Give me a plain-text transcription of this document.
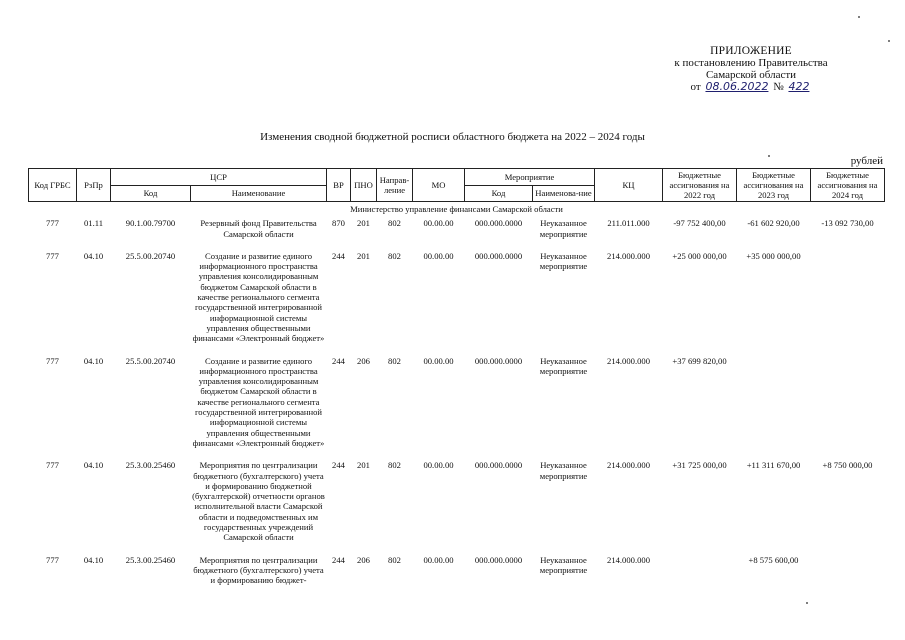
ПРИЛОЖЕНИЕ
к постановлению Правительства
Самарской области
от 08.06.2022 № 422
Изменения сводной бюджетной росписи областного бюджета на 2022 – 2024 годы
рублей
Код ГРБС	РзПр	ЦСР		ВР	ПНО	Направ-ление	МО	Мероприятие		КЦ	Бюджетные ассигнования на 2022 год	Бюджетные ассигнования на 2023 год	Бюджетные ассигнования на 2024 год
		Код	Наименование					Код	Наименова-ние				
Министерство управление финансами Самарской области													
777	01.11	90.1.00.79700	Резервный фонд Правительства Самарской области	870	201	802	00.00.00	000.000.0000	Неуказанное мероприятие	211.011.000	-97 752 400,00	-61 602 920,00	-13 092 730,00

777	04.10	25.5.00.20740	Создание и развитие единого информационного пространства управления консолидированным бюджетом Самарской области в качестве регионального сегмента государственной интегрированной информационной системы управления общественными финансами «Электронный бюджет»	244	201	802	00.00.00	000.000.0000	Неуказанное мероприятие	214.000.000	+25 000 000,00	+35 000 000,00	

777	04.10	25.5.00.20740	Создание и развитие единого информационного пространства управления консолидированным бюджетом Самарской области в качестве регионального сегмента государственной интегрированной информационной системы управления общественными финансами «Электронный бюджет»	244	206	802	00.00.00	000.000.0000	Неуказанное мероприятие	214.000.000	+37 699 820,00		

777	04.10	25.3.00.25460	Мероприятия по централизации бюджетного (бухгалтерского) учета и формированию бюджетной (бухгалтерской) отчетности органов исполнительной власти Самарской области и подведомственных им государственных учреждений Самарской области	244	201	802	00.00.00	000.000.0000	Неуказанное мероприятие	214.000.000	+31 725 000,00	+11 311 670,00	+8 750 000,00

777	04.10	25.3.00.25460	Мероприятия по централизации бюджетного (бухгалтерского) учета и формированию бюджет-	244	206	802	00.00.00	000.000.0000	Неуказанное мероприятие	214.000.000		+8 575 600,00	
